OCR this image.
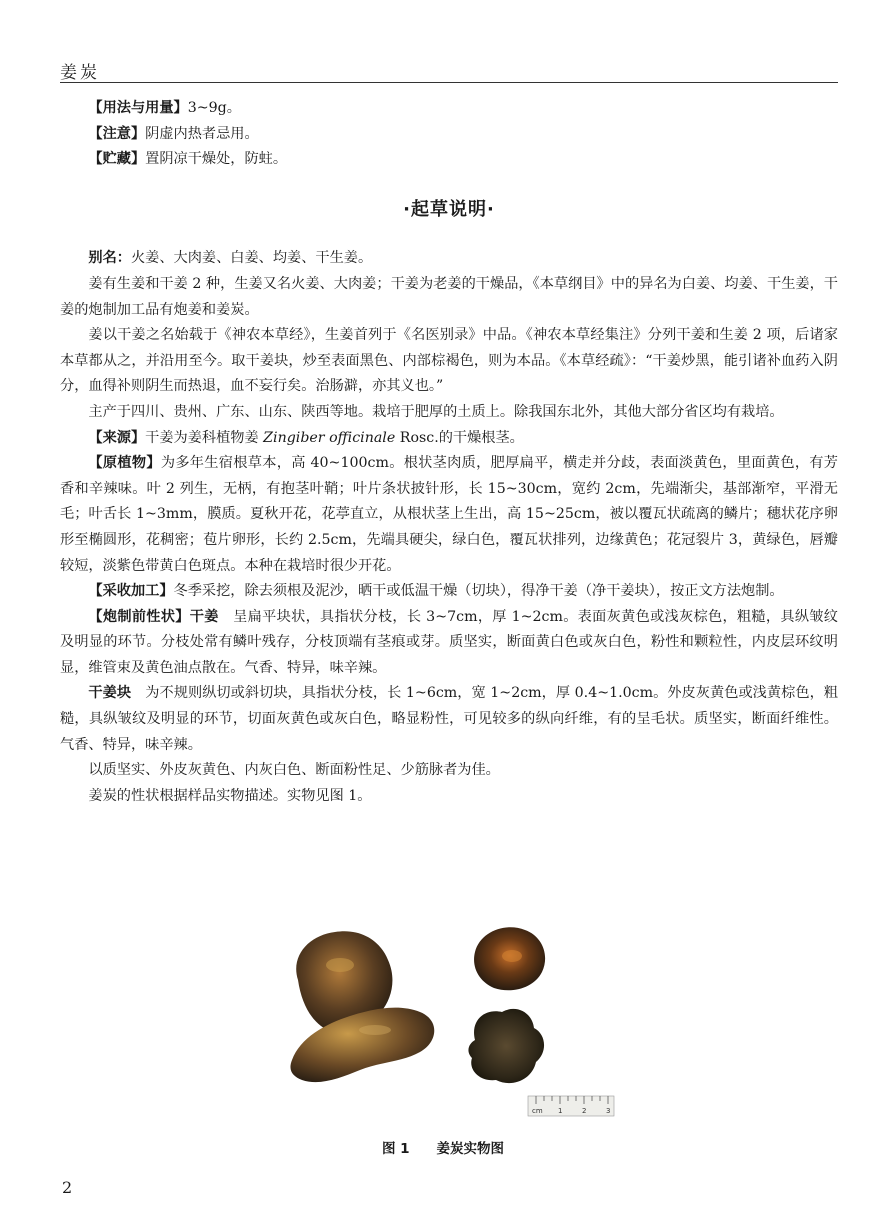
姜炭

【用法与用量】3~9g。

【注意】阴虚内热者忌用。

【贮藏】置阴凉干燥处，防蛀。

·起草说明·

别名：火姜、大肉姜、白姜、均姜、干生姜。

姜有生姜和干姜 2 种，生姜又名火姜、大肉姜；干姜为老姜的干燥品，《本草纲目》中的异名为白姜、均姜、干生姜，干姜的炮制加工品有炮姜和姜炭。

姜以干姜之名始载于《神农本草经》，生姜首列于《名医别录》中品。《神农本草经集注》分列干姜和生姜 2 项，后诸家本草都从之，并沿用至今。取干姜块，炒至表面黑色、内部棕褐色，则为本品。《本草经疏》：“干姜炒黑，能引诸补血药入阴分，血得补则阴生而热退，血不妄行矣。治肠澼，亦其义也。”

主产于四川、贵州、广东、山东、陕西等地。栽培于肥厚的土质上。除我国东北外，其他大部分省区均有栽培。

【来源】干姜为姜科植物姜 Zingiber officinale Rosc.的干燥根茎。

【原植物】为多年生宿根草本，高 40~100cm。根状茎肉质，肥厚扁平，横走并分歧，表面淡黄色，里面黄色，有芳香和辛辣味。叶 2 列生，无柄，有抱茎叶鞘；叶片条状披针形，长 15~30cm，宽约 2cm，先端渐尖，基部渐窄，平滑无毛；叶舌长 1~3mm，膜质。夏秋开花，花葶直立，从根状茎上生出，高 15~25cm，被以覆瓦状疏离的鳞片；穗状花序卵形至椭圆形，花稠密；苞片卵形，长约 2.5cm，先端具硬尖，绿白色，覆瓦状排列，边缘黄色；花冠裂片 3，黄绿色，唇瓣较短，淡紫色带黄白色斑点。本种在栽培时很少开花。

【采收加工】冬季采挖，除去须根及泥沙，晒干或低温干燥（切块），得净干姜（净干姜块），按正文方法炮制。

【炮制前性状】干姜　呈扁平块状，具指状分枝，长 3~7cm，厚 1~2cm。表面灰黄色或浅灰棕色，粗糙，具纵皱纹及明显的环节。分枝处常有鳞叶残存，分枝顶端有茎痕或芽。质坚实，断面黄白色或灰白色，粉性和颗粒性，内皮层环纹明显，维管束及黄色油点散在。气香、特异，味辛辣。

干姜块　为不规则纵切或斜切块，具指状分枝，长 1~6cm，宽 1~2cm，厚 0.4~1.0cm。外皮灰黄色或浅黄棕色，粗糙，具纵皱纹及明显的环节，切面灰黄色或灰白色，略显粉性，可见较多的纵向纤维，有的呈毛状。质坚实，断面纤维性。气香、特异，味辛辣。

以质坚实、外皮灰黄色、内灰白色、断面粉性足、少筋脉者为佳。

姜炭的性状根据样品实物描述。实物见图 1。

cm 1	2	3
图 1　　 姜炭实物图
2
